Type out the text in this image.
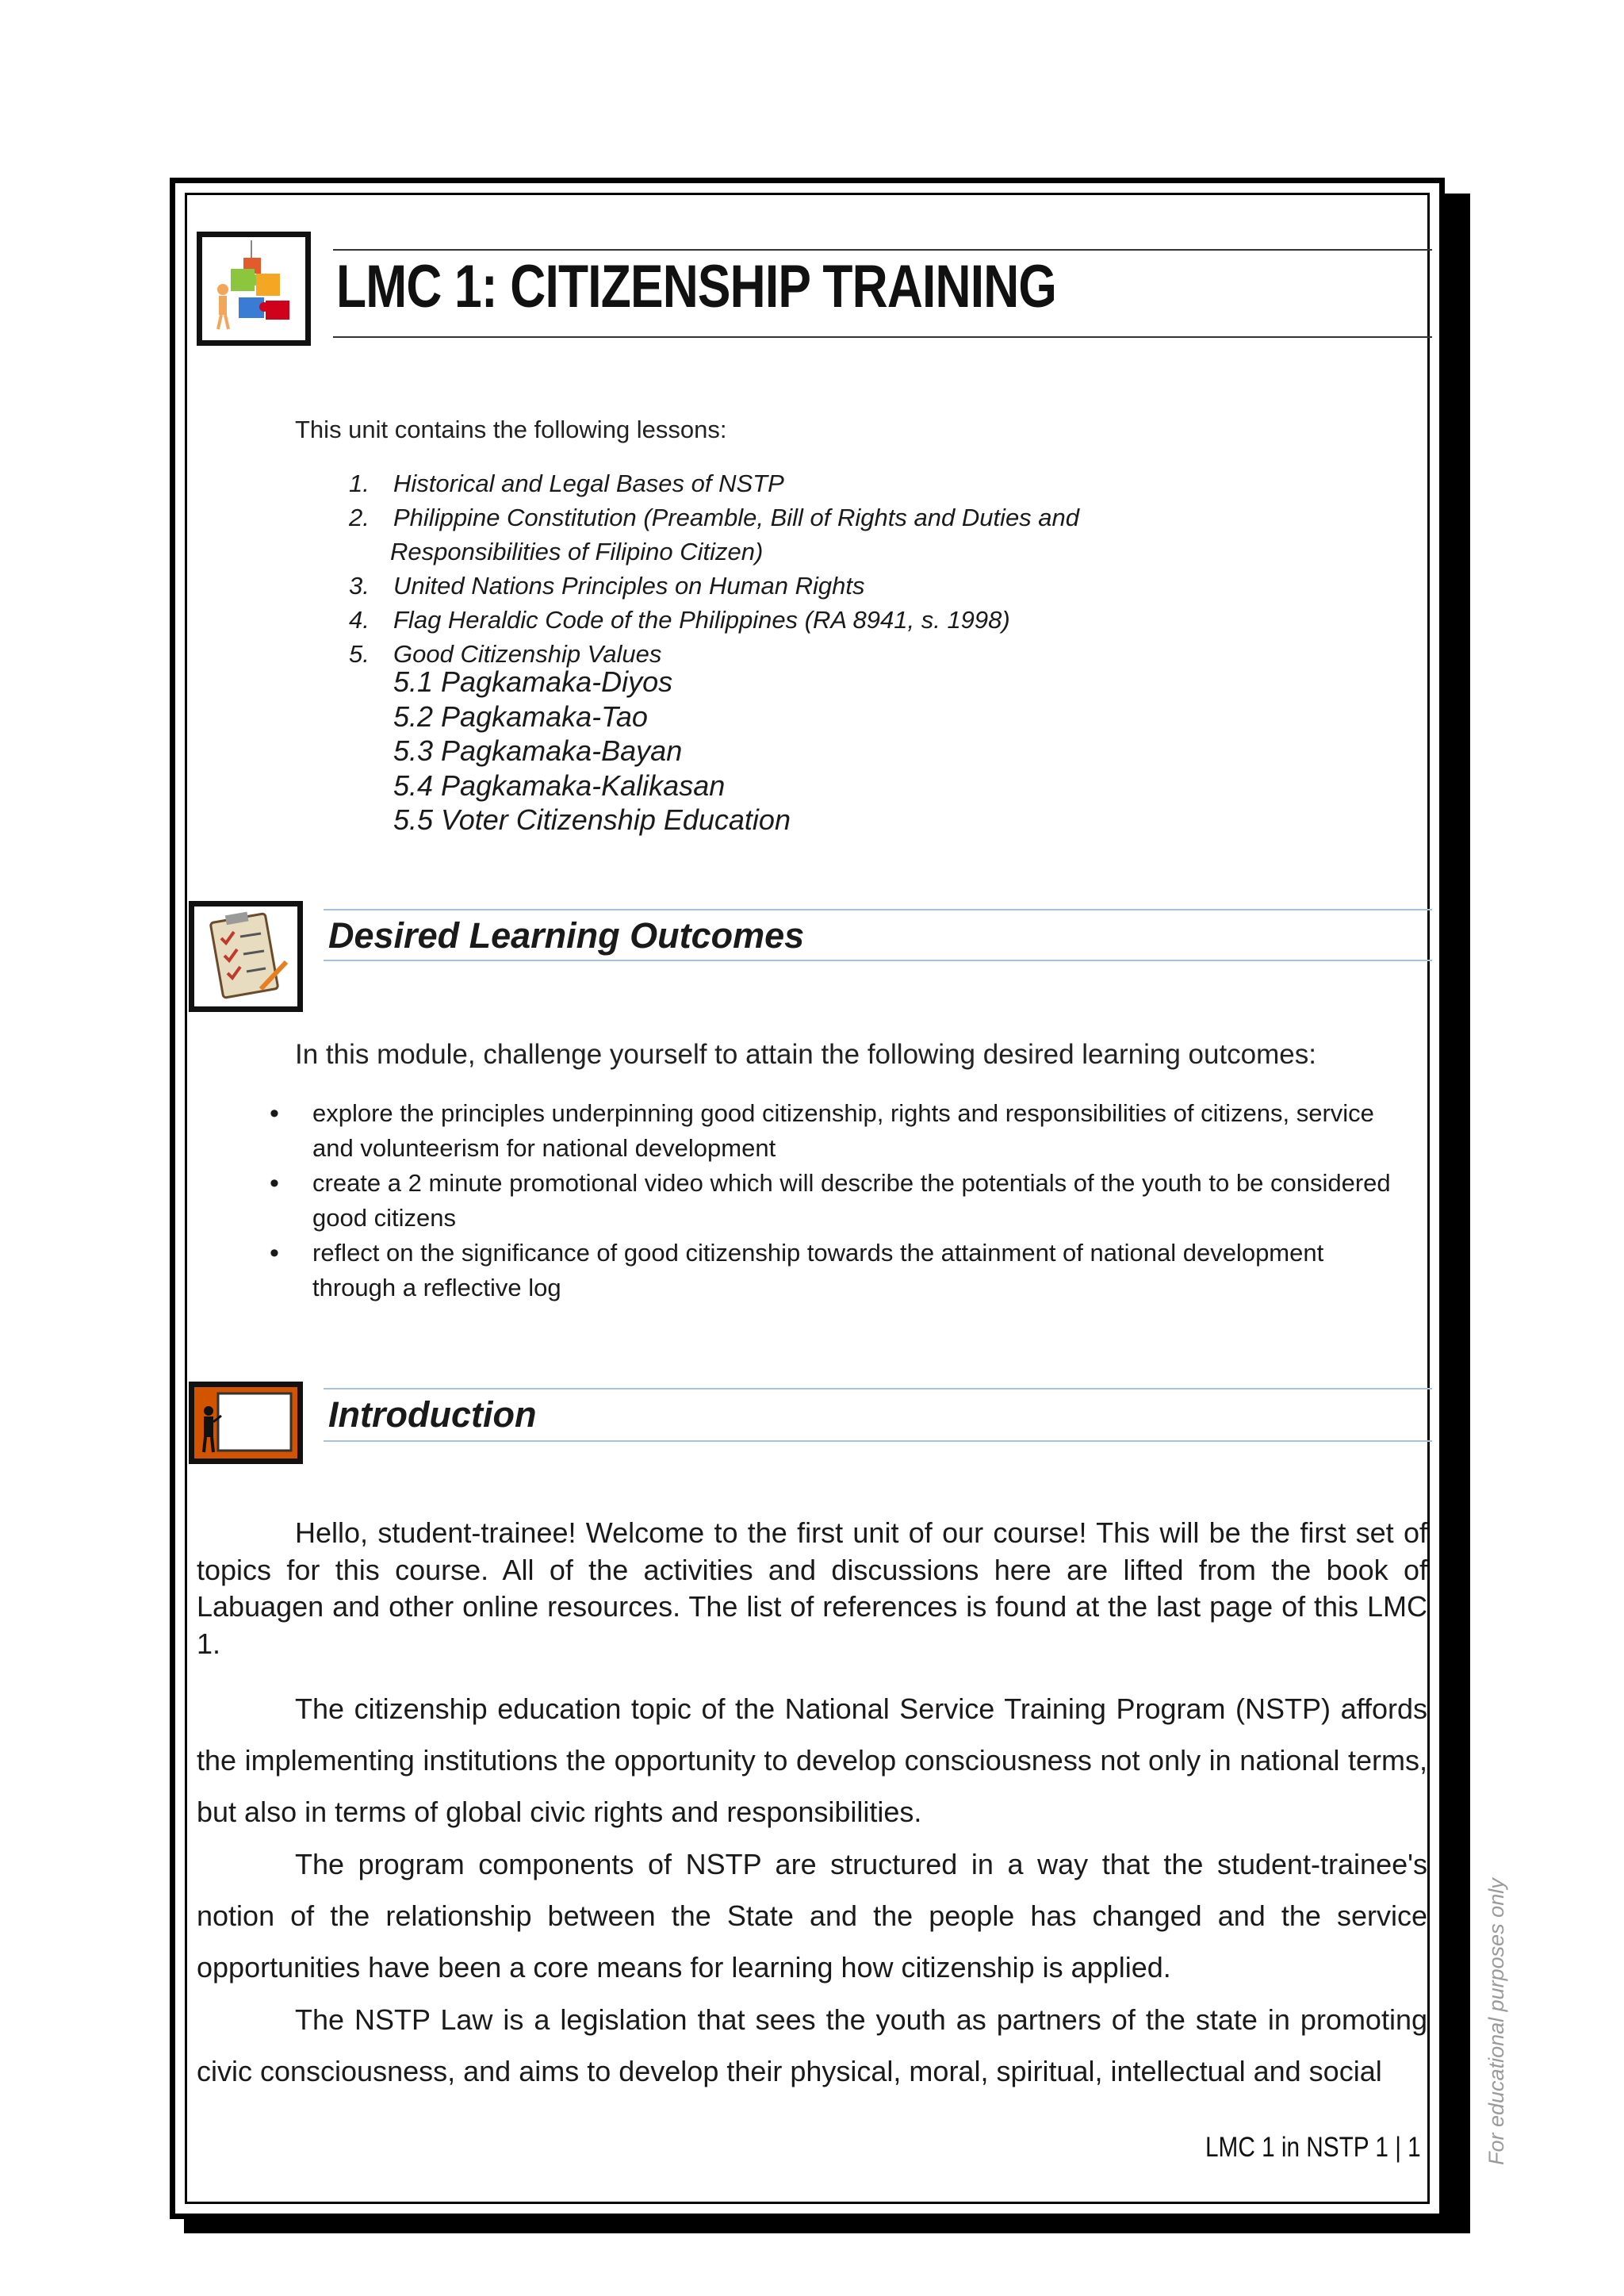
LMC 1: CITIZENSHIP TRAINING
This unit contains the following lessons:
1. Historical and Legal Bases of NSTP
2. Philippine Constitution (Preamble, Bill of Rights and Duties and
Responsibilities of Filipino Citizen)
3. United Nations Principles on Human Rights
4. Flag Heraldic Code of the Philippines (RA 8941, s. 1998)
5. Good Citizenship Values
5.1 Pagkamaka-Diyos
5.2 Pagkamaka-Tao
5.3 Pagkamaka-Bayan
5.4 Pagkamaka-Kalikasan
5.5 Voter Citizenship Education
Desired Learning Outcomes
In this module, challenge yourself to attain the following desired learning outcomes:
• explore the principles underpinning good citizenship, rights and responsibilities of citizens, service and volunteerism for national development
• create a 2 minute promotional video which will describe the potentials of the youth to be considered good citizens
• reflect on the significance of good citizenship towards the attainment of national development through a reflective log
Introduction
Hello, student-trainee! Welcome to the first unit of our course! This will be the first set of topics for this course. All of the activities and discussions here are lifted from the book of Labuagen and other online resources. The list of references is found at the last page of this LMC 1.
The citizenship education topic of the National Service Training Program (NSTP) affords the implementing institutions the opportunity to develop consciousness not only in national terms, but also in terms of global civic rights and responsibilities.
The program components of NSTP are structured in a way that the student-trainee's notion of the relationship between the State and the people has changed and the service opportunities have been a core means for learning how citizenship is applied.
The NSTP Law is a legislation that sees the youth as partners of the state in promoting civic consciousness, and aims to develop their physical, moral, spiritual, intellectual and social
LMC 1 in NSTP 1 | 1	For educational purposes only
